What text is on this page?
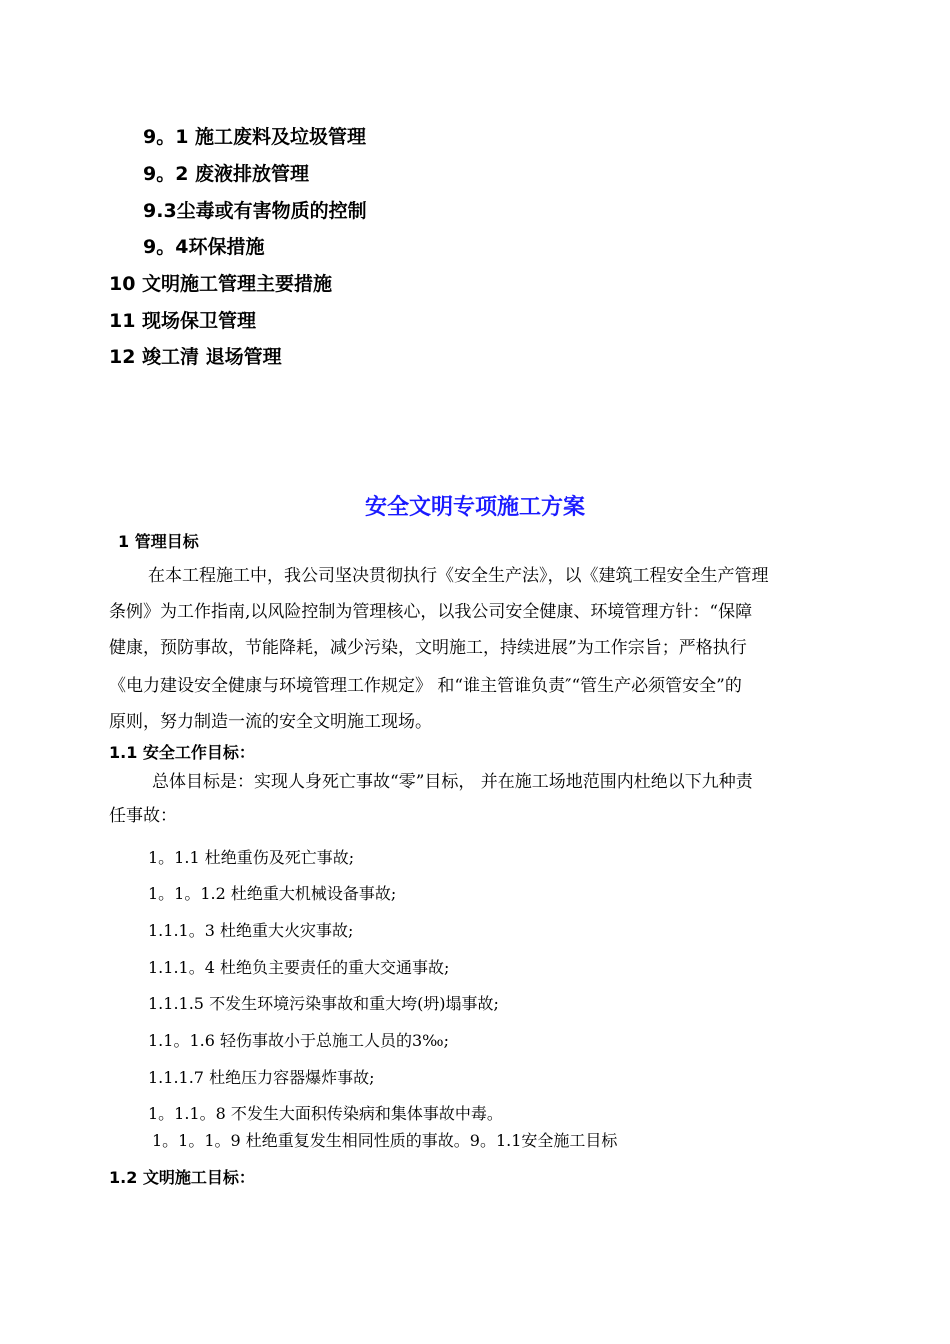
9。1 施工废料及垃圾管理
9。2 废液排放管理
9.3尘毒或有害物质的控制
9。4环保措施
10 文明施工管理主要措施
11 现场保卫管理
12 竣工清 退场管理
安全文明专项施工方案
1 管理目标
在本工程施工中，我公司坚决贯彻执行《安全生产法》，以《建筑工程安全生产管理
条例》为工作指南,以风险控制为管理核心，以我公司安全健康、环境管理方针：“保障
健康，预防事故，节能降耗，减少污染，文明施工，持续进展”为工作宗旨；严格执行
《电力建设安全健康与环境管理工作规定》 和“谁主管谁负责″“管生产必须管安全”的
原则，努力制造一流的安全文明施工现场。
1.1 安全工作目标：
总体目标是：实现人身死亡事故“零”目标， 并在施工场地范围内杜绝以下九种责
任事故：
1。1.1 杜绝重伤及死亡事故;
1。1。1.2 杜绝重大机械设备事故;
1.1.1。3 杜绝重大火灾事故;
1.1.1。4 杜绝负主要责任的重大交通事故;
1.1.1.5 不发生环境污染事故和重大垮(坍)塌事故;
1.1。1.6 轻伤事故小于总施工人员的3‰;
1.1.1.7 杜绝压力容器爆炸事故;
1。1.1。8 不发生大面积传染病和集体事故中毒。
1。1。1。9 杜绝重复发生相同性质的事故。9。1.1安全施工目标
1.2 文明施工目标：
